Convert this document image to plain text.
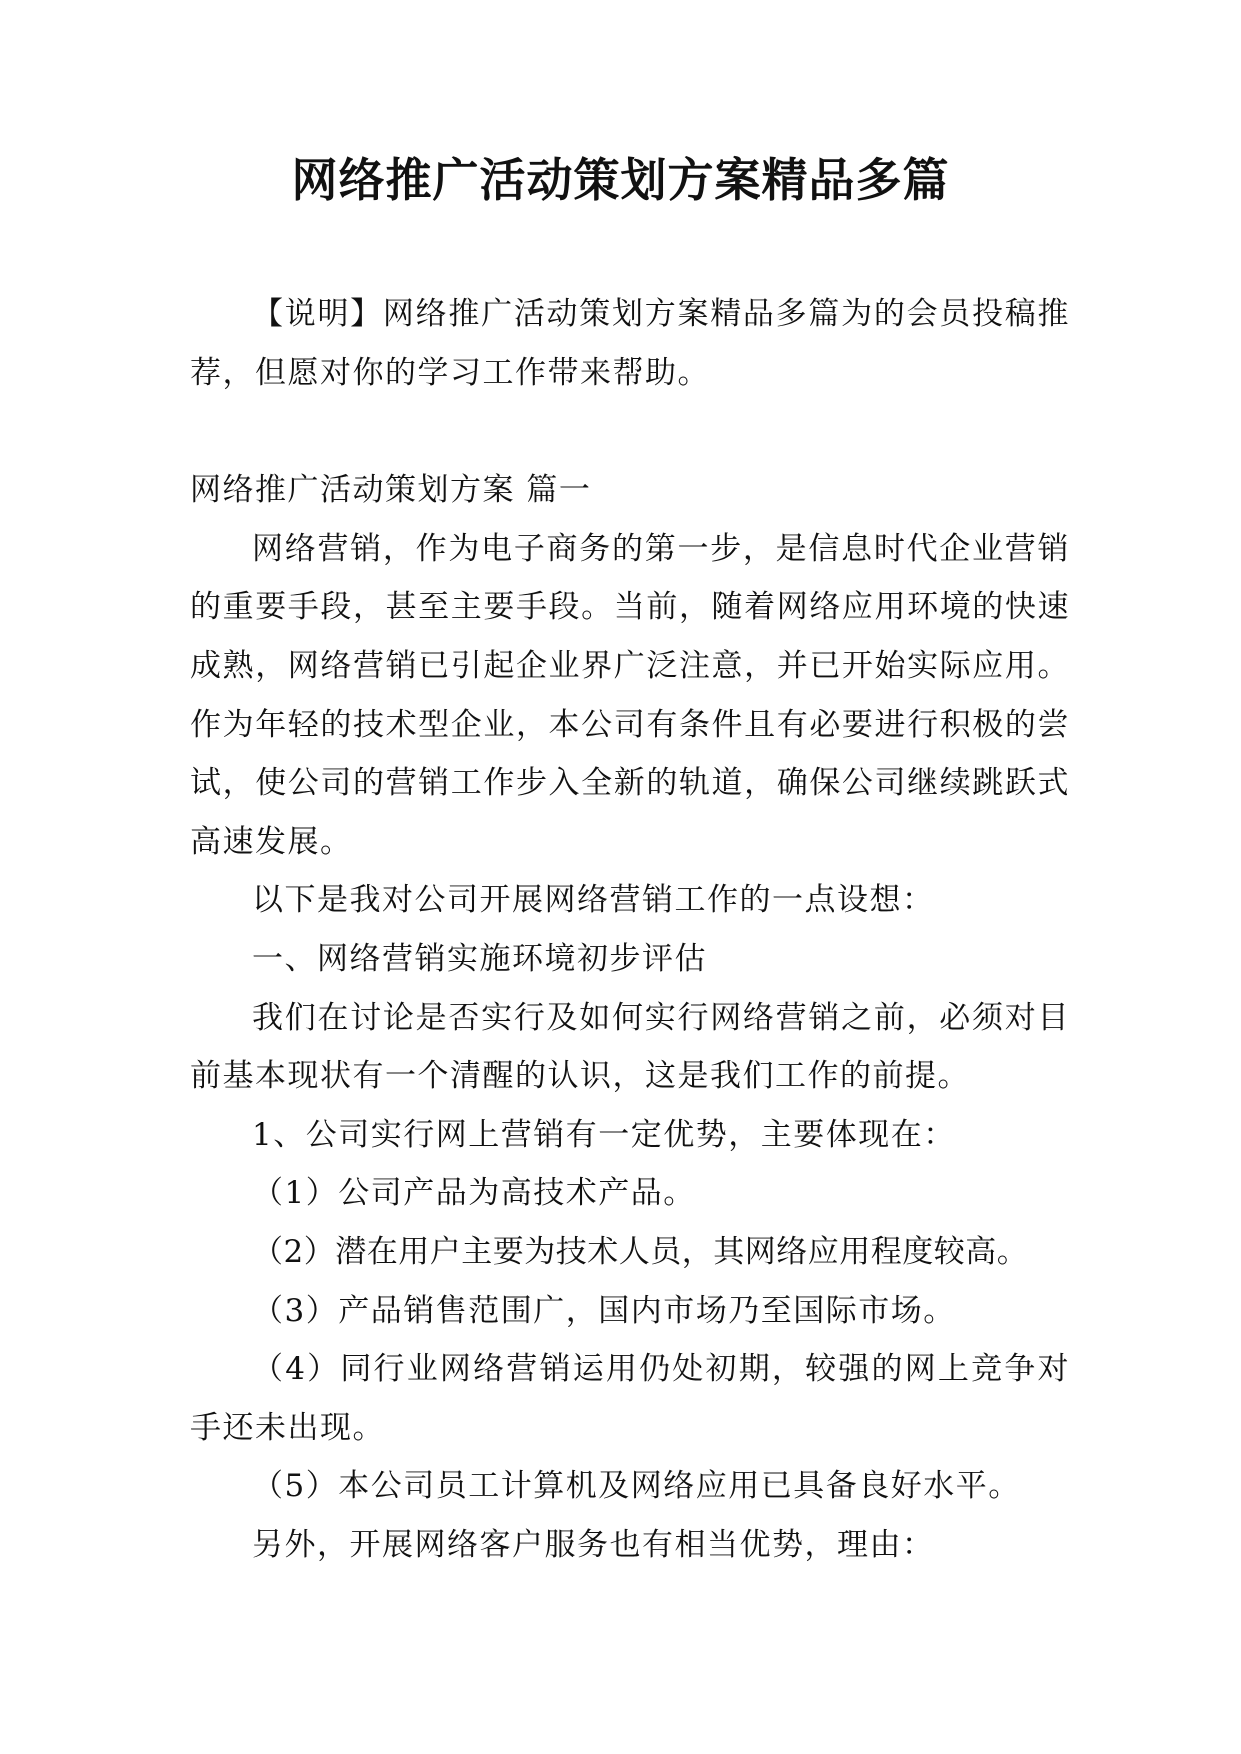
网络推广活动策划方案精品多篇

【说明】网络推广活动策划方案精品多篇为的会员投稿推荐，但愿对你的学习工作带来帮助。

网络推广活动策划方案 篇一

网络营销，作为电子商务的第一步，是信息时代企业营销的重要手段，甚至主要手段。当前，随着网络应用环境的快速成熟，网络营销已引起企业界广泛注意，并已开始实际应用。作为年轻的技术型企业，本公司有条件且有必要进行积极的尝试，使公司的营销工作步入全新的轨道，确保公司继续跳跃式高速发展。

以下是我对公司开展网络营销工作的一点设想：

一、网络营销实施环境初步评估

我们在讨论是否实行及如何实行网络营销之前，必须对目前基本现状有一个清醒的认识，这是我们工作的前提。

1、公司实行网上营销有一定优势，主要体现在：

（1）公司产品为高技术产品。

（2）潜在用户主要为技术人员，其网络应用程度较高。

（3）产品销售范围广，国内市场乃至国际市场。

（4）同行业网络营销运用仍处初期，较强的网上竞争对手还未出现。

（5）本公司员工计算机及网络应用已具备良好水平。

另外，开展网络客户服务也有相当优势，理由：
